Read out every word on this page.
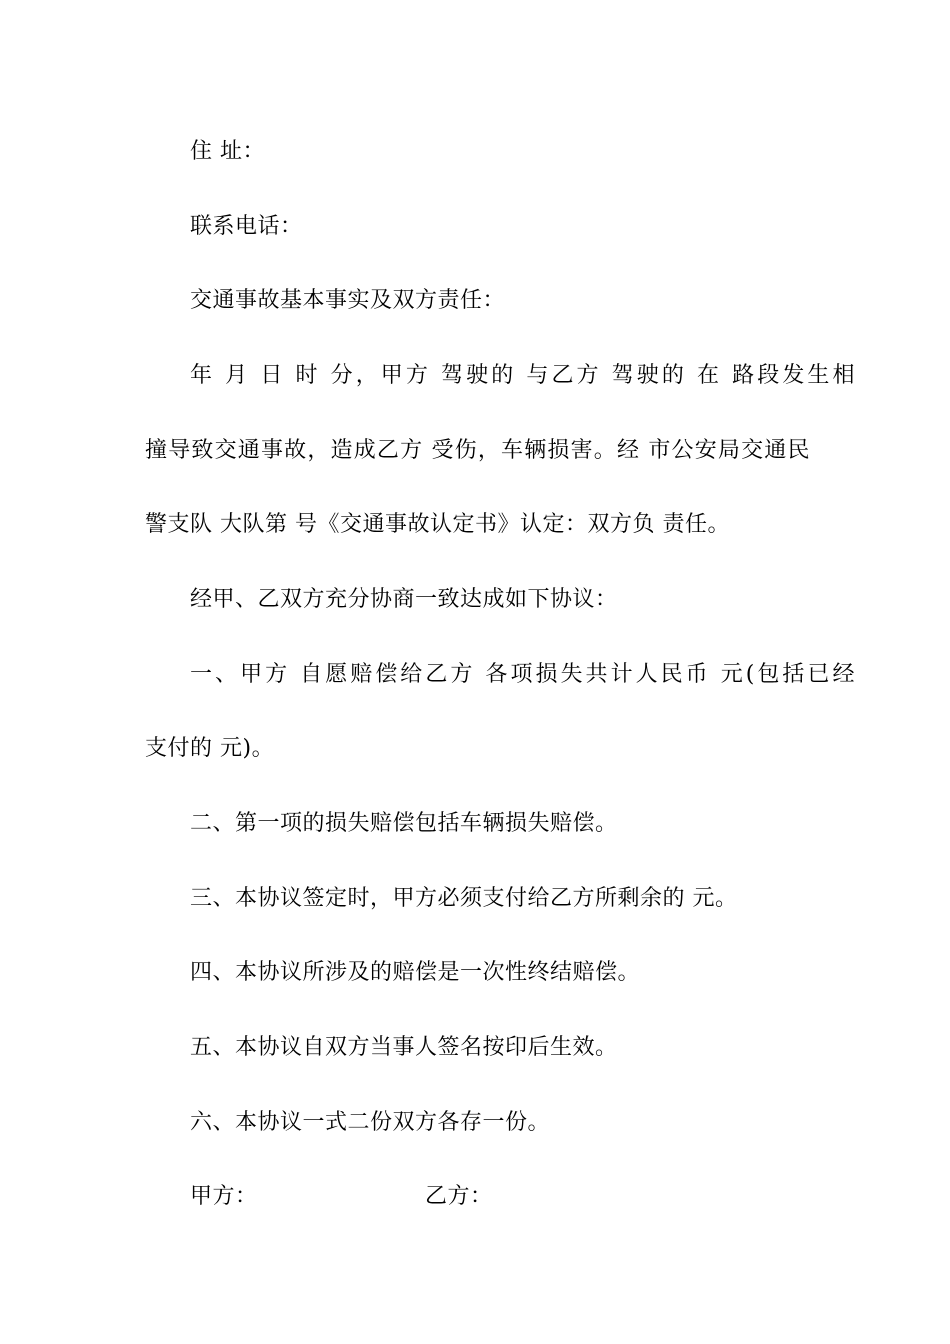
住 址：
联系电话：
交通事故基本事实及双方责任：
年 月 日 时 分，甲方 驾驶的 与乙方 驾驶的 在 路段发生相
撞导致交通事故，造成乙方 受伤，车辆损害。经 市公安局交通民
警支队 大队第 号《交通事故认定书》认定：双方负 责任。
经甲、乙双方充分协商一致达成如下协议：
一、甲方 自愿赔偿给乙方 各项损失共计人民币 元(包括已经
支付的 元)。
二、第一项的损失赔偿包括车辆损失赔偿。
三、本协议签定时，甲方必须支付给乙方所剩余的 元。
四、本协议所涉及的赔偿是一次性终结赔偿。
五、本协议自双方当事人签名按印后生效。
六、本协议一式二份双方各存一份。
甲方：	乙方：
